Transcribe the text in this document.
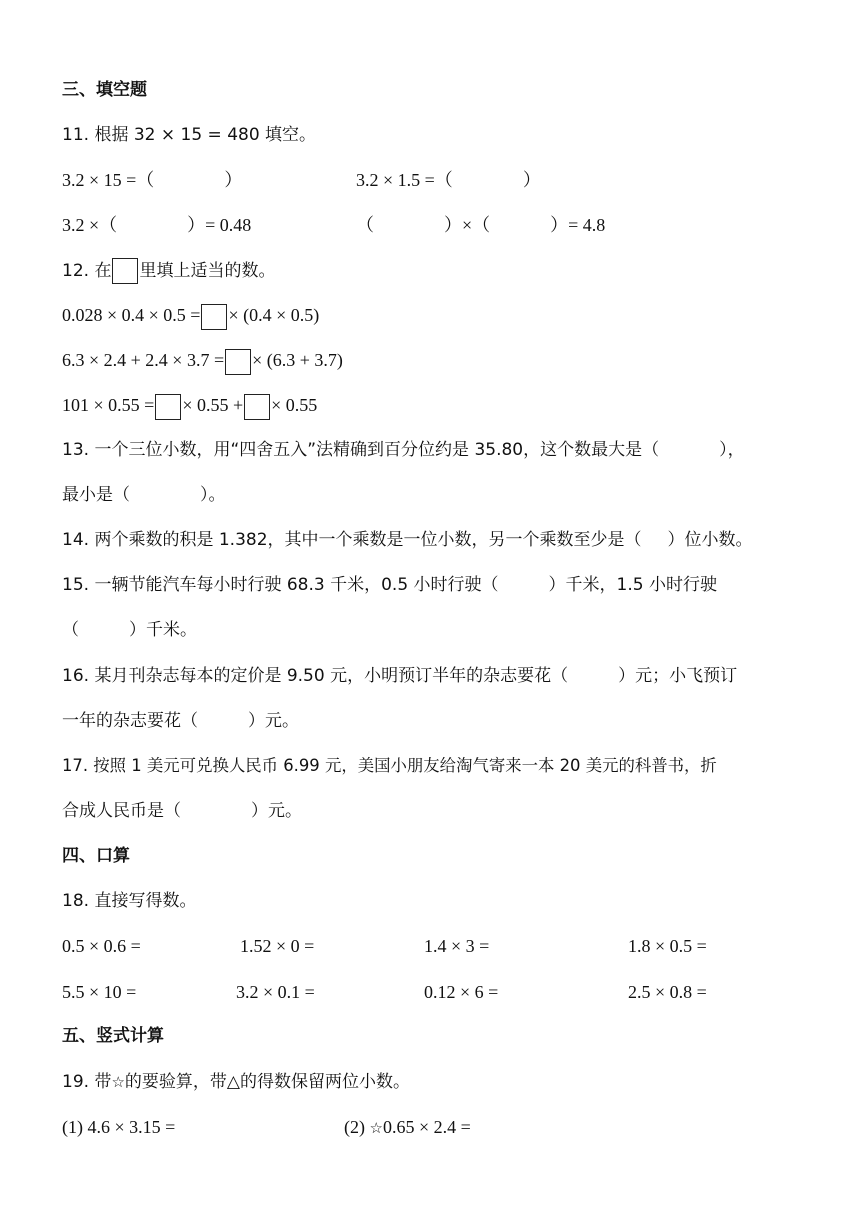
三、填空题
11. 根据 32 × 15 = 480 填空。
3.2 × 15 =（	）	3.2 × 1.5 =（	）
3.2 ×（	）= 0.48	（	）×（	）= 4.8
12. 在 里填上适当的数。
0.028 × 0.4 × 0.5 = × (0.4 × 0.5)
6.3 × 2.4 + 2.4 × 3.7 = × (6.3 + 3.7)
101 × 0.55 = × 0.55 + × 0.55
13. 一个三位小数，用“四舍五入”法精确到百分位约是 35.80，这个数最大是（	），
最小是（	）。
14. 两个乘数的积是 1.382，其中一个乘数是一位小数，另一个乘数至少是（ ）位小数。
15. 一辆节能汽车每小时行驶 68.3 千米，0.5 小时行驶（	）千米，1.5 小时行驶
（	）千米。
16. 某月刊杂志每本的定价是 9.50 元，小明预订半年的杂志要花（	）元；小飞预订
一年的杂志要花（	）元。
17. 按照 1 美元可兑换人民币 6.99 元，美国小朋友给淘气寄来一本 20 美元的科普书，折
合成人民币是（	）元。
四、口算
18. 直接写得数。
0.5 × 0.6 =	1.52 × 0 =	1.4 × 3 =	1.8 × 0.5 =
5.5 × 10 =	3.2 × 0.1 =	0.12 × 6 =	2.5 × 0.8 =
五、竖式计算
19. 带☆的要验算，带△的得数保留两位小数。
(1) 4.6 × 3.15 =	(2) ☆0.65 × 2.4 =
